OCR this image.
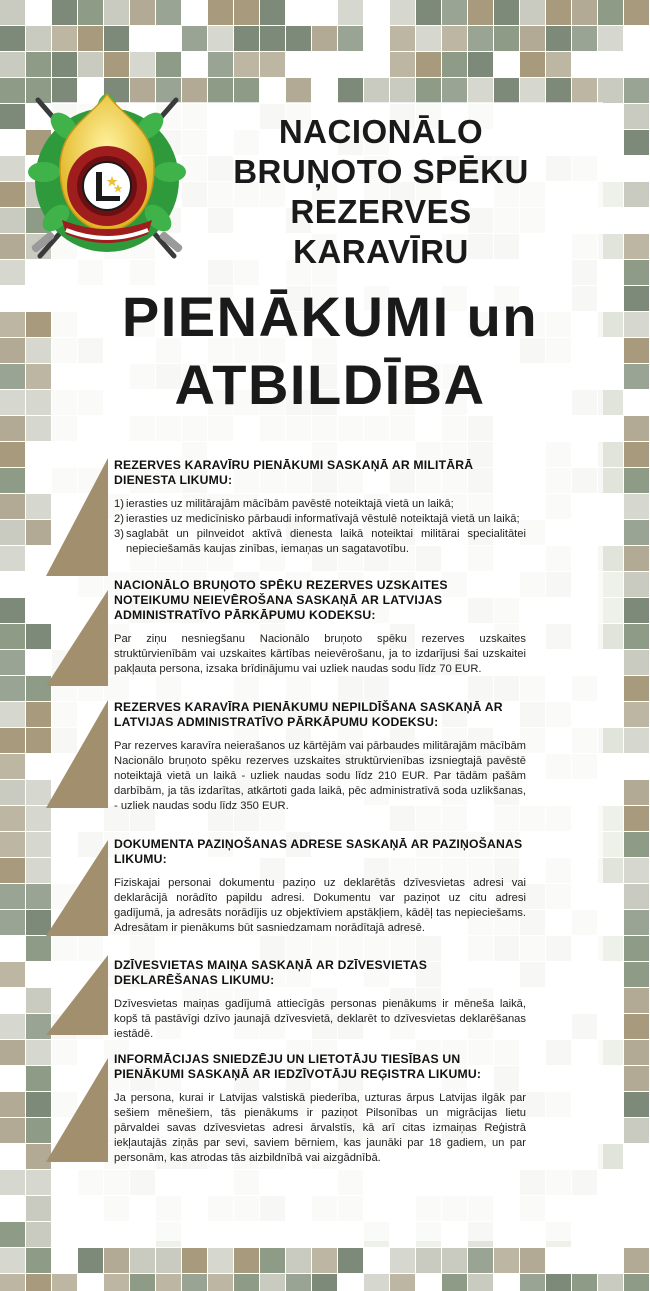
NACIONĀLO
BRUŅOTO SPĒKU
REZERVES
KARAVĪRU
PIENĀKUMI un
ATBILDĪBA
REZERVES KARAVĪRU PIENĀKUMI SASKAŅĀ AR MILITĀRĀ DIENESTA LIKUMU:
1) ierasties uz militārajām mācībām pavēstē noteiktajā vietā un laikā;
2) ierasties uz medicīnisko pārbaudi informatīvajā vēstulē noteiktajā vietā un laikā;
3) saglabāt un pilnveidot aktīvā dienesta laikā noteiktai militārai specialitātei nepieciešamās kaujas zinības, iemaņas un sagatavotību.
NACIONĀLO BRUŅOTO SPĒKU REZERVES UZSKAITES NOTEIKUMU NEIEVĒROŠANA SASKAŅĀ AR LATVIJAS ADMINISTRATĪVO PĀRKĀPUMU KODEKSU:
Par ziņu nesniegšanu Nacionālo bruņoto spēku rezerves uzskaites struktūrvienībām vai uzskaites kārtības neievērošanu, ja to izdarījusi šai uzskaitei pakļauta persona, izsaka brīdinājumu vai uzliek naudas sodu līdz 70 EUR.
REZERVES KARAVĪRA PIENĀKUMU NEPILDĪŠANA SASKAŅĀ AR LATVIJAS ADMINISTRATĪVO PĀRKĀPUMU KODEKSU:
Par rezerves karavīra neierašanos uz kārtējām vai pārbaudes militārajām mācībām Nacionālo bruņoto spēku rezerves uzskaites struktūrvienības izsniegtajā pavēstē noteiktajā vietā un laikā - uzliek naudas sodu līdz 210 EUR. Par tādām pašām darbībām, ja tās izdarītas, atkārtoti gada laikā, pēc administratīvā soda uzlikšanas, - uzliek naudas sodu līdz 350 EUR.
DOKUMENTA PAZIŅOŠANAS ADRESE SASKAŅĀ AR PAZIŅOŠANAS LIKUMU:
Fiziskajai personai dokumentu paziņo uz deklarētās dzīvesvietas adresi vai deklarācijā norādīto papildu adresi. Dokumentu var paziņot uz citu adresi gadījumā, ja adresāts norādījis uz objektīviem apstākļiem, kādēļ tas nepieciešams. Adresātam ir pienākums būt sasniedzamam norādītajā adresē.
DZĪVESVIETAS MAIŅA SASKAŅĀ AR DZĪVESVIETAS DEKLARĒŠANAS LIKUMU:
Dzīvesvietas maiņas gadījumā attiecīgās personas pienākums ir mēneša laikā, kopš tā pastāvīgi dzīvo jaunajā dzīvesvietā, deklarēt to dzīvesvietas deklarēšanas iestādē.
INFORMĀCIJAS SNIEDZĒJU UN LIETOTĀJU TIESĪBAS UN PIENĀKUMI SASKAŅĀ AR IEDZĪVOTĀJU REĢISTRA LIKUMU:
Ja persona, kurai ir Latvijas valstiskā piederība, uzturas ārpus Latvijas ilgāk par sešiem mēnešiem, tās pienākums ir paziņot Pilsonības un migrācijas lietu pārvaldei savas dzīvesvietas adresi ārvalstīs, kā arī citas izmaiņas Reģistrā iekļautajās ziņās par sevi, saviem bērniem, kas jaunāki par 18 gadiem, un par personām, kas atrodas tās aizbildnībā vai aizgādnībā.
